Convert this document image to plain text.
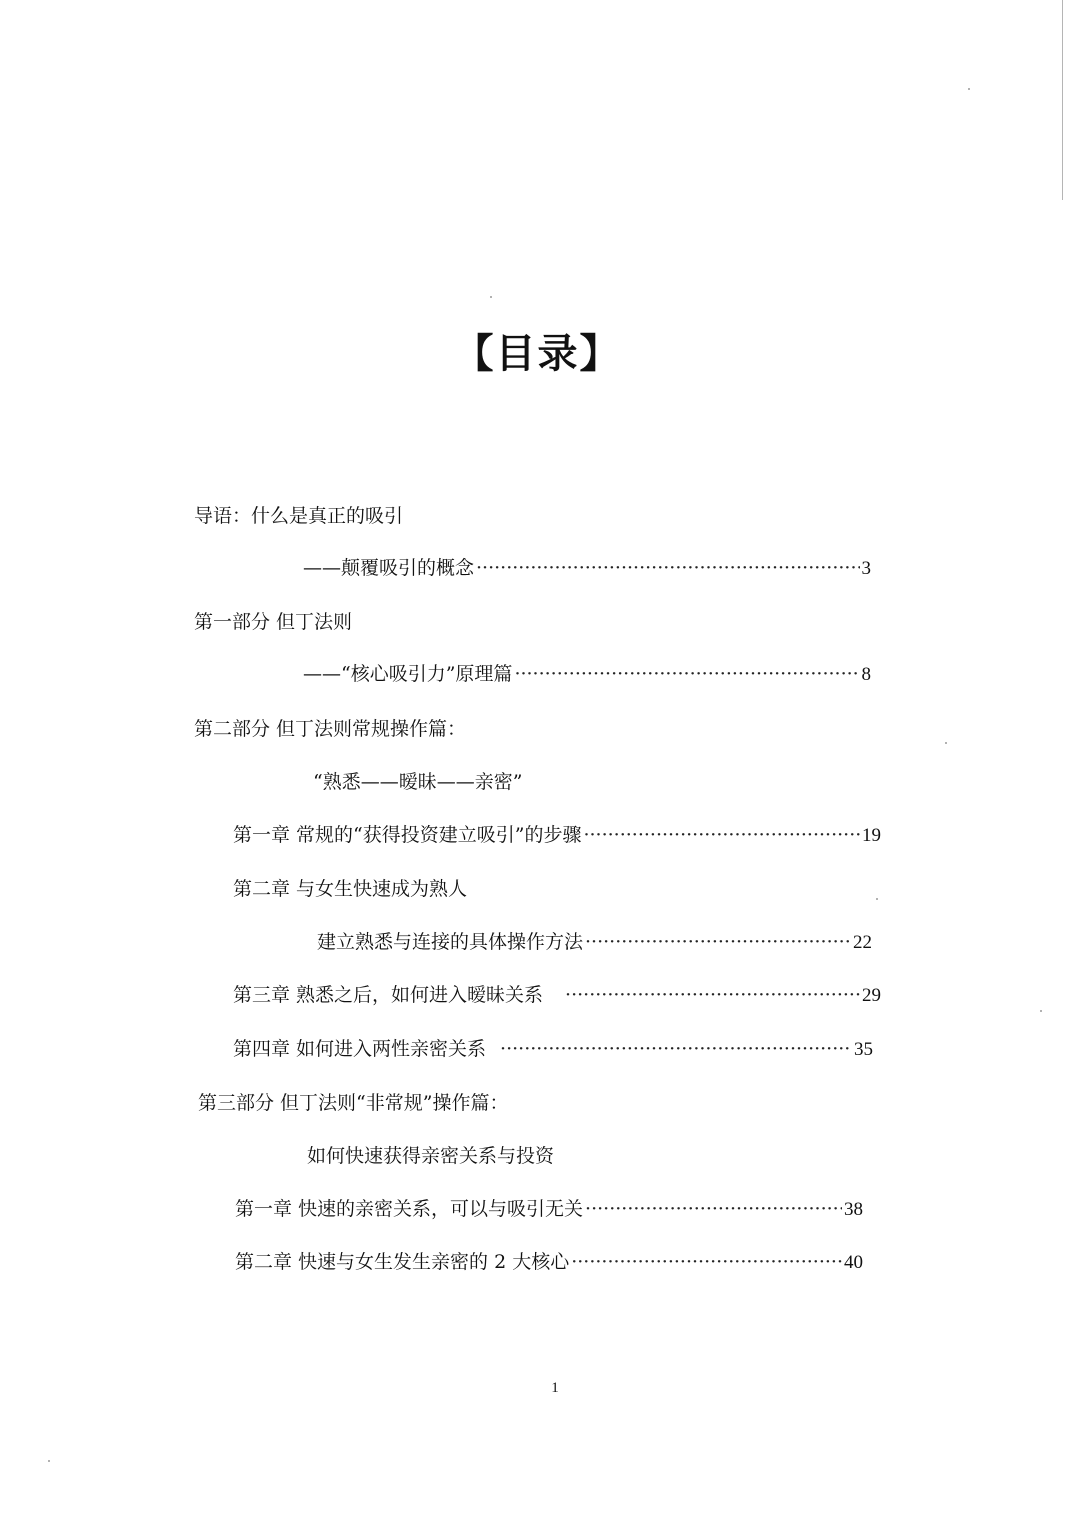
【目录】
导语：什么是真正的吸引
——颠覆吸引的概念 ·····	3
第一部分 但丁法则
——“核心吸引力”原理篇 ·····	8
第二部分 但丁法则常规操作篇：
“熟悉——暧昧——亲密”
第一章 常规的“获得投资建立吸引”的步骤 ·····	19
第二章 与女生快速成为熟人
建立熟悉与连接的具体操作方法 ·····	22
第三章 熟悉之后，如何进入暧昧关系 ·····	29
第四章 如何进入两性亲密关系 ·····	35
第三部分 但丁法则“非常规”操作篇：
如何快速获得亲密关系与投资
第一章 快速的亲密关系，可以与吸引无关 ·····	38
第二章 快速与女生发生亲密的 2 大核心 ·····	40
1
